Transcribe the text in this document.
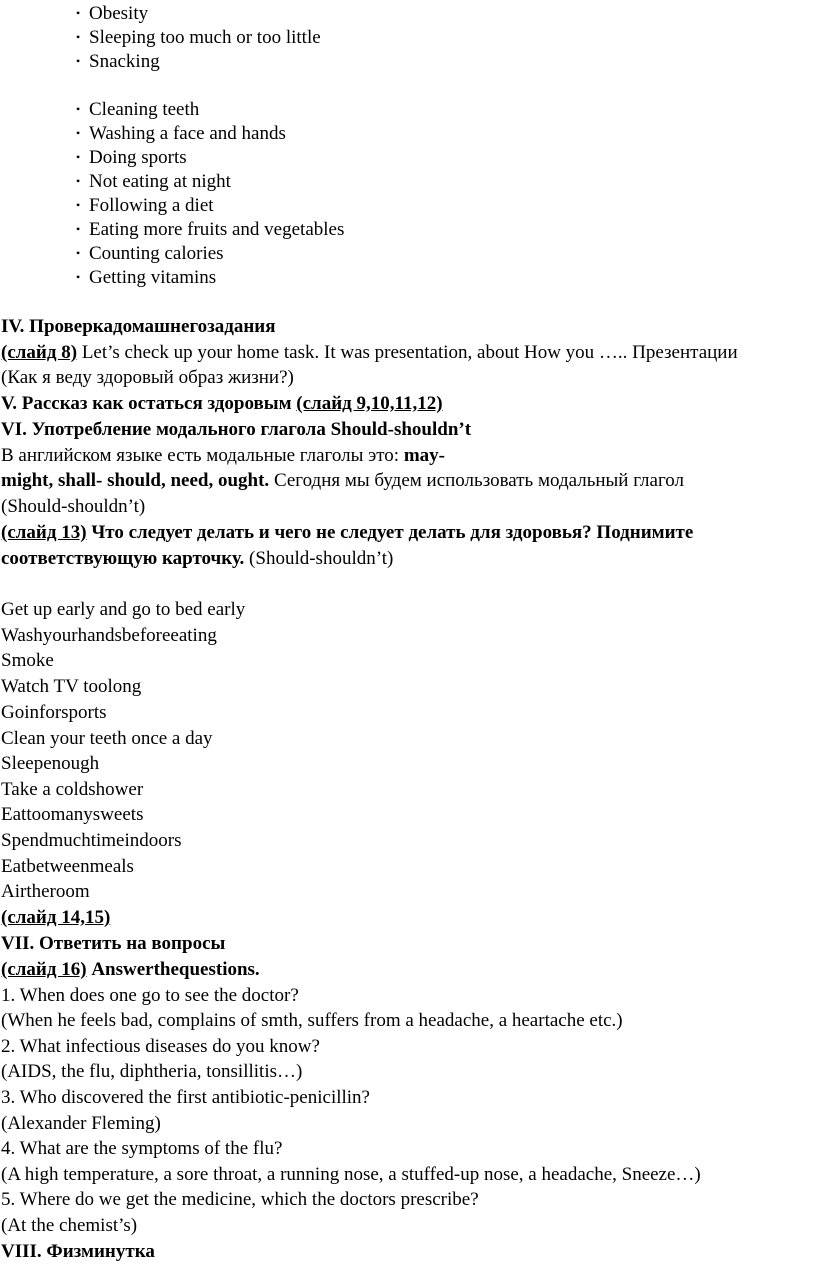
• Obesity
• Sleeping too much or too little
• Snacking
• Cleaning teeth
• Washing a face and hands
• Doing sports
• Not eating at night
• Following a diet
• Eating more fruits and vegetables
• Counting calories
• Getting vitamins
IV. Проверкадомашнегозадания
(слайд 8) Let’s check up your home task. It was presentation, about How you ….. Презентации
(Как я веду здоровый образ жизни?)
V. Рассказ как остаться здоровым (слайд 9,10,11,12)
VI. Употребление модального глагола Should-shouldn’t
В английском языке есть модальные глаголы это: may-
might, shall- should, need, ought. Сегодня мы будем использовать модальный глагол
(Should-shouldn’t)
(слайд 13) Что следует делать и чего не следует делать для здоровья? Поднимите
соответствующую карточку. (Should-shouldn’t)
Get up early and go to bed early
Washyourhandsbeforeeating
Smoke
Watch TV toolong
Goinforsports
Clean your teeth once a day
Sleepenough
Take a coldshower
Eattoomanysweets
Spendmuchtimeindoors
Eatbetweenmeals
Airtheroom
(слайд 14,15)
VII. Ответить на вопросы
(слайд 16) Answerthequestions.
1. When does one go to see the doctor?
(When he feels bad, complains of smth, suffers from a headache, a heartache etc.)
2. What infectious diseases do you know?
(AIDS, the flu, diphtheria, tonsillitis…)
3. Who discovered the first antibiotic-penicillin?
(Alexander Fleming)
4. What are the symptoms of the flu?
(A high temperature, a sore throat, a running nose, a stuffed-up nose, a headache, Sneeze…)
5. Where do we get the medicine, which the doctors prescribe?
(At the chemist’s)
VIII. Физминутка
